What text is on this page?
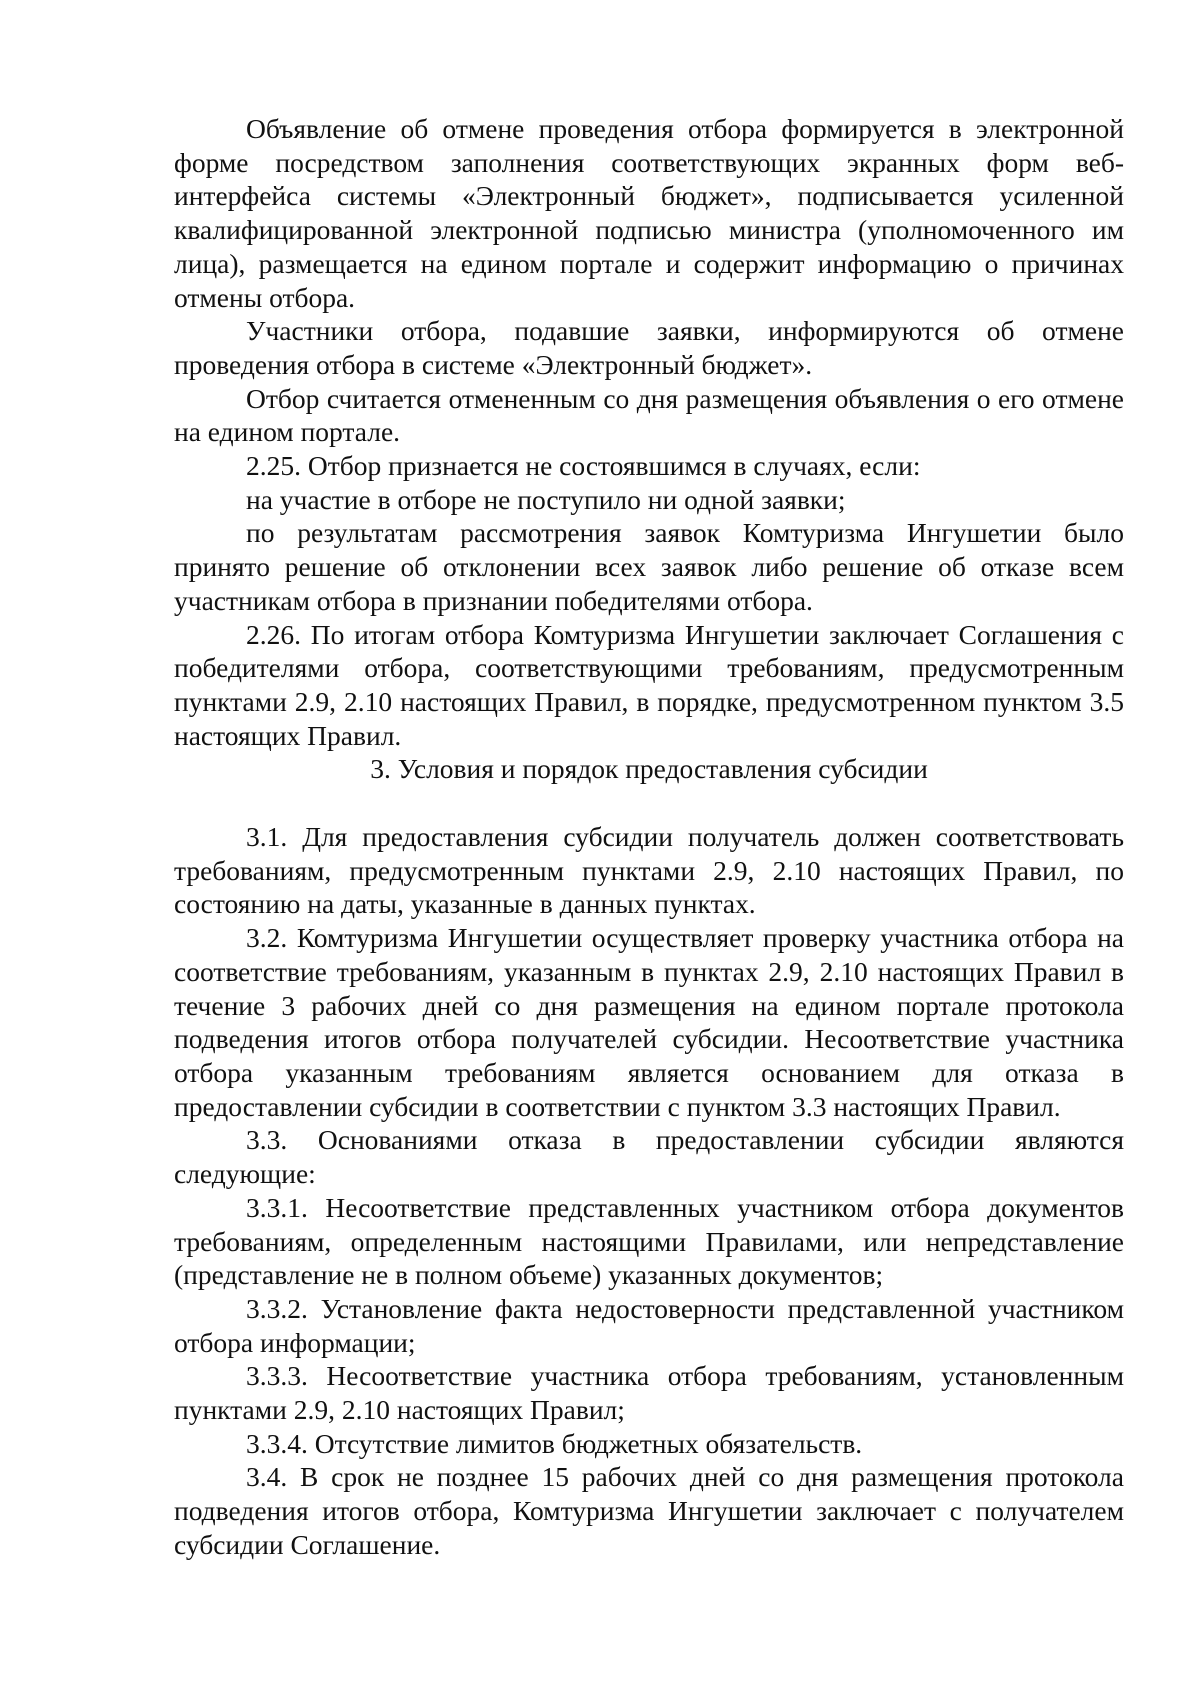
Объявление об отмене проведения отбора формируется в электронной форме посредством заполнения соответствующих экранных форм веб-интерфейса системы «Электронный бюджет», подписывается усиленной квалифицированной электронной подписью министра (уполномоченного им лица), размещается на едином портале и содержит информацию о причинах отмены отбора.

Участники отбора, подавшие заявки, информируются об отмене проведения отбора в системе «Электронный бюджет».

Отбор считается отмененным со дня размещения объявления о его отмене на едином портале.

2.25. Отбор признается не состоявшимся в случаях, если:

на участие в отборе не поступило ни одной заявки;

по результатам рассмотрения заявок Комтуризма Ингушетии было принято решение об отклонении всех заявок либо решение об отказе всем участникам отбора в признании победителями отбора.

2.26. По итогам отбора Комтуризма Ингушетии заключает Соглашения с победителями отбора, соответствующими требованиям, предусмотренным пунктами 2.9, 2.10 настоящих Правил, в порядке, предусмотренном пунктом 3.5 настоящих Правил.

3. Условия и порядок предоставления субсидии

3.1. Для предоставления субсидии получатель должен соответствовать требованиям, предусмотренным пунктами 2.9, 2.10 настоящих Правил, по состоянию на даты, указанные в данных пунктах.

3.2. Комтуризма Ингушетии осуществляет проверку участника отбора на соответствие требованиям, указанным в пунктах 2.9, 2.10 настоящих Правил в течение 3 рабочих дней со дня размещения на едином портале протокола подведения итогов отбора получателей субсидии. Несоответствие участника отбора указанным требованиям является основанием для отказа в предоставлении субсидии в соответствии с пунктом 3.3 настоящих Правил.

3.3. Основаниями отказа в предоставлении субсидии являются следующие:

3.3.1. Несоответствие представленных участником отбора документов требованиям, определенным настоящими Правилами, или непредставление (представление не в полном объеме) указанных документов;

3.3.2. Установление факта недостоверности представленной участником отбора информации;

3.3.3. Несоответствие участника отбора требованиям, установленным пунктами 2.9, 2.10 настоящих Правил;

3.3.4. Отсутствие лимитов бюджетных обязательств.

3.4. В срок не позднее 15 рабочих дней со дня размещения протокола подведения итогов отбора, Комтуризма Ингушетии заключает с получателем субсидии Соглашение.
